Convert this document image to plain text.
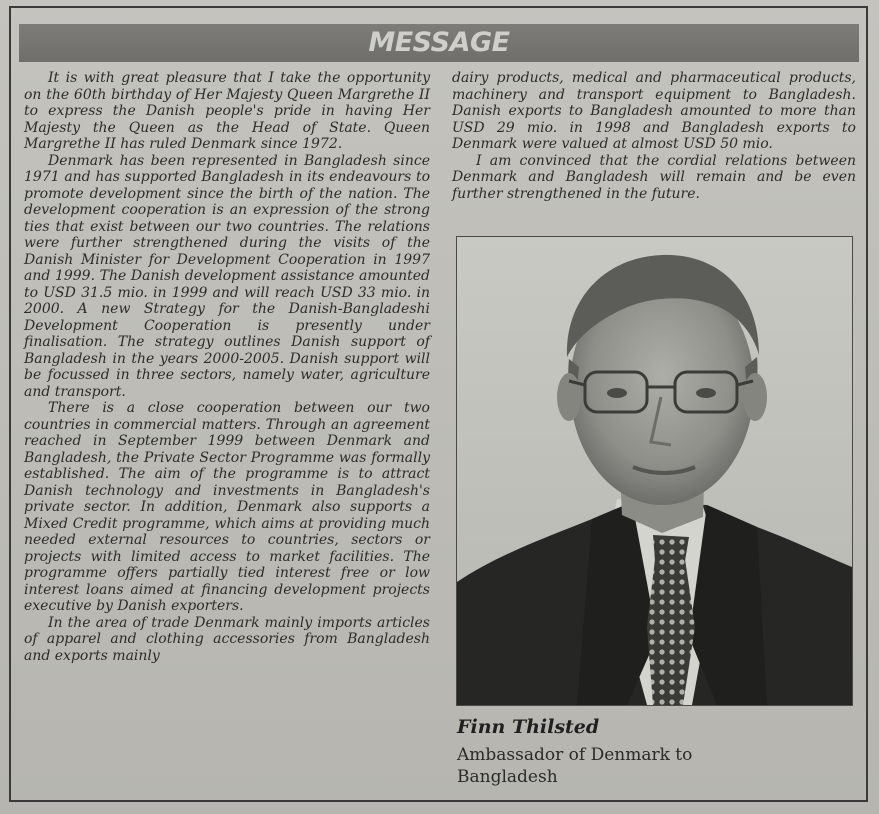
MESSAGE

It is with great pleasure that I take the opportunity on the 60th birthday of Her Majesty Queen Margrethe II to express the Danish people's pride in having Her Majesty the Queen as the Head of State. Queen Margrethe II has ruled Denmark since 1972.

Denmark has been represented in Bangladesh since 1971 and has supported Bangladesh in its endeavours to promote development since the birth of the nation. The development cooperation is an expression of the strong ties that exist between our two countries. The relations were further strengthened during the visits of the Danish Minister for Development Cooperation in 1997 and 1999. The Danish development assistance amounted to USD 31.5 mio. in 1999 and will reach USD 33 mio. in 2000. A new Strategy for the Danish-Bangladeshi Development Cooperation is presently under finalisation. The strategy outlines Danish support of Bangladesh in the years 2000-2005. Danish support will be focussed in three sectors, namely water, agriculture and transport.

There is a close cooperation between our two countries in commercial matters. Through an agreement reached in September 1999 between Denmark and Bangladesh, the Private Sector Programme was formally established. The aim of the programme is to attract Danish technology and investments in Bangladesh's private sector. In addition, Denmark also supports a Mixed Credit programme, which aims at providing much needed external resources to countries, sectors or projects with limited access to market facilities. The programme offers partially tied interest free or low interest loans aimed at financing development projects executive by Danish exporters.

In the area of trade Denmark mainly imports articles of apparel and clothing accessories from Bangladesh and exports mainly

dairy products, medical and pharmaceutical products, machinery and transport equipment to Bangladesh. Danish exports to Bangladesh amounted to more than USD 29 mio. in 1998 and Bangladesh exports to Denmark were valued at almost USD 50 mio.

I am convinced that the cordial relations between Denmark and Bangladesh will remain and be even further strengthened in the future.

Finn Thilsted
Ambassador of Denmark to Bangladesh
